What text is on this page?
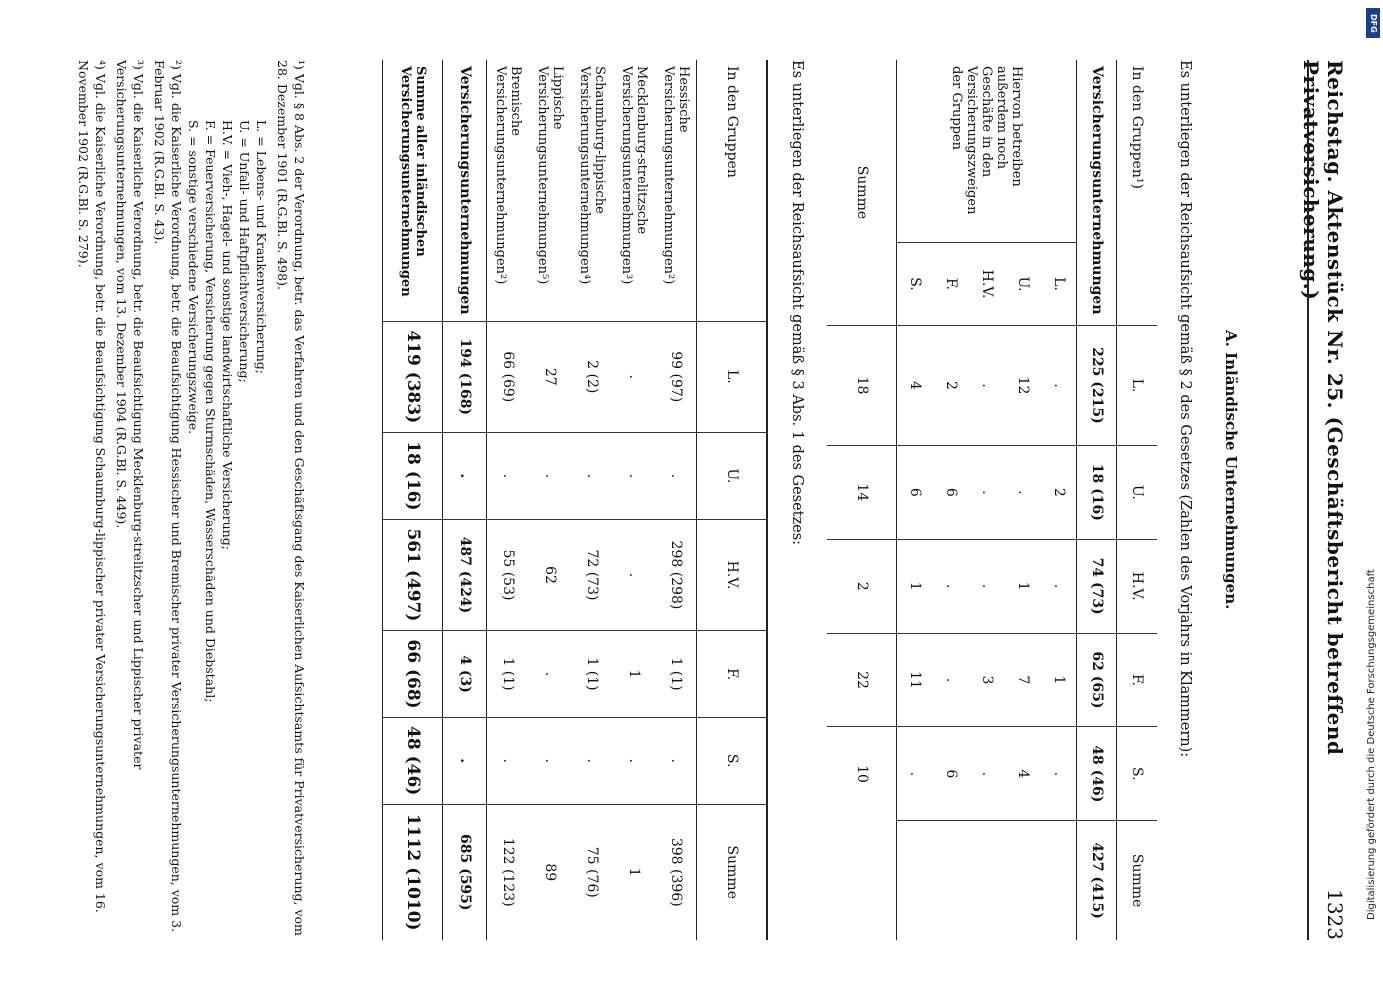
Reichstag. Aktenstück Nr. 25. (Geschäftsbericht betreffend Privatversicherung.)
1323
Es unterliegen der Reichsaufsicht gemäß § 2 des Gesetzes (Zahlen des Vorjahrs in Klammern): A. Inländische Unternehmungen.
In den Gruppen¹)		L.	U.	H.V.	F.	S.	Summe
Versicherungsunternehmungen		225 (215)	18 (16)	74 (73)	62 (65)	48 (46)	427 (415)
Hiervon betreiben außerdem noch Geschäfte in den Versicherungszweigen der Gruppen	L.	.	2	.	1	.	
	U.	12	.	1	7	4	
	H.V.	.	.	.	3	.	
	F.	2	6	.	.	6	
	S.	4	6	1	11	.	
Summe		18	14	2	22	10	
Es unterliegen der Reichsaufsicht gemäß § 3 Abs. 1 des Gesetzes:
In den Gruppen	L.	U.	H.V.	F.	S.	Summe
Hessische Versicherungsunternehmungen²)	99 (97)	.	298 (298)	1 (1)	.	398 (396)
Mecklenburg-strelitzsche Versicherungsunternehmungen³)	.	.	.	1	.	1
Schaumburg-lippische Versicherungsunternehmungen⁴)	2 (2)	.	72 (73)	1 (1)	.	75 (76)
Lippische Versicherungsunternehmungen⁵)	27	.	62	.	.	89
Bremische Versicherungsunternehmungen²)	66 (69)	.	55 (53)	1 (1)	.	122 (123)
Versicherungsunternehmungen	194 (168)	.	487 (424)	4 (3)	.	685 (595)
Summe aller inländischen Versicherungsunternehmungen	419 (383)	18 (16)	561 (497)	66 (68)	48 (46)	1112 (1010)

¹) Vgl. § 8 Abs. 2 der Verordnung, betr. das Verfahren und den Geschäftsgang des Kaiserlichen Aufsichtsamts für Privatversicherung, vom 28. Dezember 1901 (R.G.Bl. S. 498).

L. = Lebens- und Krankenversicherung;
U. = Unfall- und Haftpflichtversicherung;
H.V. = Vieh-, Hagel- und sonstige landwirtschaftliche Versicherung;
F. = Feuerversicherung, Versicherung gegen Sturmschäden, Wasserschäden und Diebstahl;
S. = sonstige verschiedene Versicherungszweige.

²) Vgl. die Kaiserliche Verordnung, betr. die Beaufsichtigung Hessischer und Bremischer privater Versicherungsunternehmungen, vom 3. Februar 1902 (R.G.Bl. S. 43).

³) Vgl. die Kaiserliche Verordnung, betr. die Beaufsichtigung Mecklenburg-strelitzscher und Lippischer privater Versicherungsunternehmungen, vom 13. Dezember 1904 (R.G.Bl. S. 449).

⁴) Vgl. die Kaiserliche Verordnung, betr. die Beaufsichtigung Schaumburg-lippischer privater Versicherungsunternehmungen, vom 16. November 1902 (R.G.Bl. S. 279).

DFG
Digitalisierung gefördert durch die Deutsche Forschungsgemeinschaft
